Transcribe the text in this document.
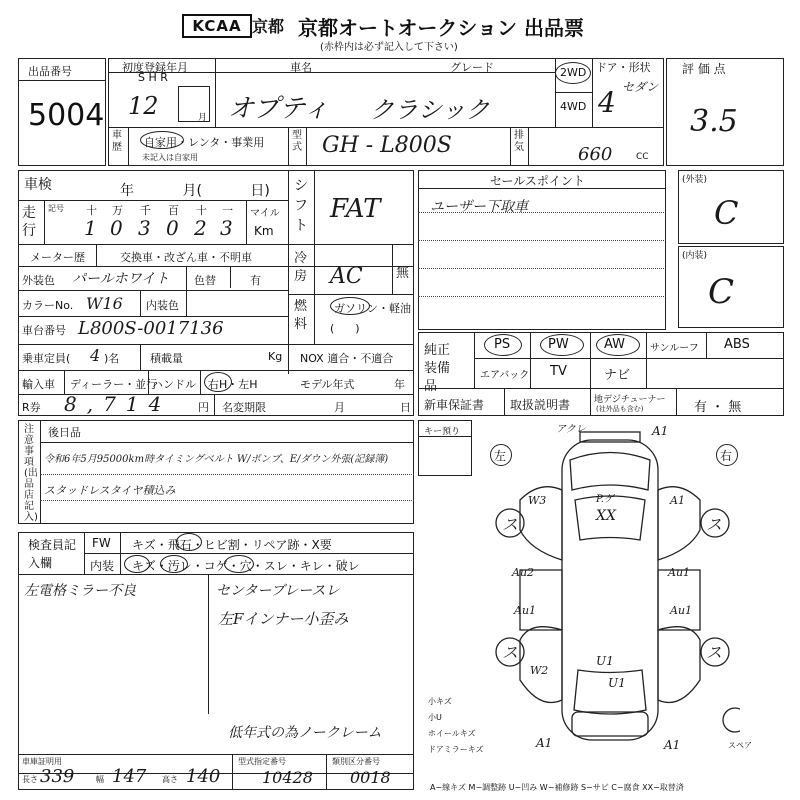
KCAA 京都 京都オートオークション 出品票
(赤枠内は必ず記入して下さい)
出品番号
5004
初度登録年月
S H R
12	月
車名	グレード
オプティ クラシック
2WD
4WD
ドア・形状
4 セダン
評 価 点
3.5
車歴 自家用・レンタ・事業用
未記入は自家用
型式 GH - L800S	排気	660	CC
車検	年 月( 日)
走行
記号 十 万 千 百 十 一
1 0 3 0 2 3
マイル
Km
メーター歴	交換車・改ざん車・不明車
外装色 パールホワイト 色替	有
カラーNo. W16 内装色
車台番号 L800S-0017136
乗車定員( 4 )名	積載量	Kg
輸入車 ディーラー・並行
ハンドル 右H・左H
NOX 適合・不適合
モデル年式	年
R券 8,714 円 名変期限	月	日
シフト
FAT
冷房 AC	無
燃料
ガソリン・軽油
(      )
セールスポイント
ユーザー下取車
(外装)
C
(内装)
C
純正装備品
PS	PW	AW サンルーフ ABS
エアバック TV	ナビ
新車保証書 取扱説明書	地デジチューナー
(社外品も含む)	有 ・ 無
注意事項(出品店記入)
後日品
令和6年5月95000km時タイミングベルト W/ポンプ、E/ダウン外張(記録簿)
スタッドレスタイヤ積込み
検査員記入欄
FW キズ・飛石・ヒビ割・リペア跡・X要
内装 キズ・汚レ・コゲ・穴・スレ・キレ・破レ
左電格ミラー不良	センターブレースレ
左Fインナー小歪み
低年式の為ノークレーム
キー預り
左	右
アクレ	A1
W3	A1
P.ゲ
XX
Au2
Au1
Au1
Au1
W2
U1
U1
A1	A1
ス	ス
ス	ス
小キズ
小U
ホイールキズ
ドアミラーキズ	スペア
車庫証明用
長さ 339	幅 147 高さ 140
型式指定番号
10428
類別区分番号
0018
A−線キズ M−調整跡 U−凹み W−補修跡 S−サビ C−腐食 XX−取替済
